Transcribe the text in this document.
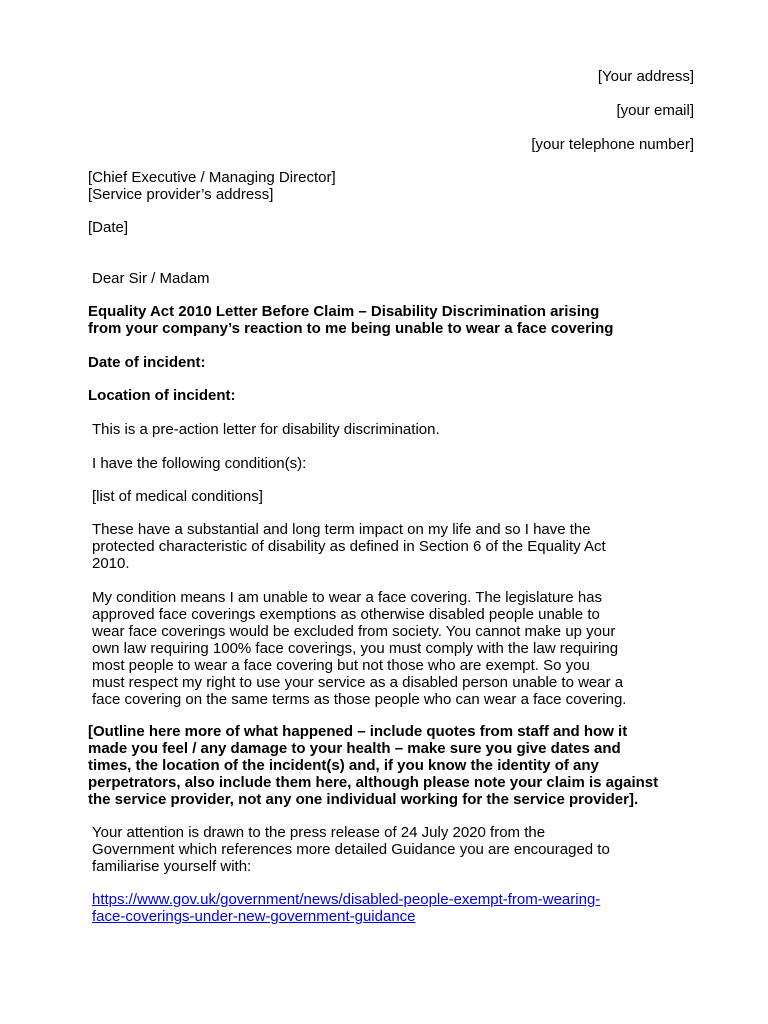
[Your address]
[your email]
[your telephone number]
[Chief Executive / Managing Director]
[Service provider’s address]
[Date]
Dear Sir / Madam
Equality Act 2010 Letter Before Claim – Disability Discrimination arising
from your company’s reaction to me being unable to wear a face covering
Date of incident:
Location of incident:
This is a pre-action letter for disability discrimination.
I have the following condition(s):
[list of medical conditions]
These have a substantial and long term impact on my life and so I have the
protected characteristic of disability as defined in Section 6 of the Equality Act
2010.
My condition means I am unable to wear a face covering. The legislature has
approved face coverings exemptions as otherwise disabled people unable to
wear face coverings would be excluded from society. You cannot make up your
own law requiring 100% face coverings, you must comply with the law requiring
most people to wear a face covering but not those who are exempt. So you
must respect my right to use your service as a disabled person unable to wear a
face covering on the same terms as those people who can wear a face covering.
[Outline here more of what happened – include quotes from staff and how it
made you feel / any damage to your health – make sure you give dates and
times, the location of the incident(s) and, if you know the identity of any
perpetrators, also include them here, although please note your claim is against
the service provider, not any one individual working for the service provider].
Your attention is drawn to the press release of 24 July 2020 from the
Government which references more detailed Guidance you are encouraged to
familiarise yourself with:
https://www.gov.uk/government/news/disabled-people-exempt-from-wearing-
face-coverings-under-new-government-guidance
